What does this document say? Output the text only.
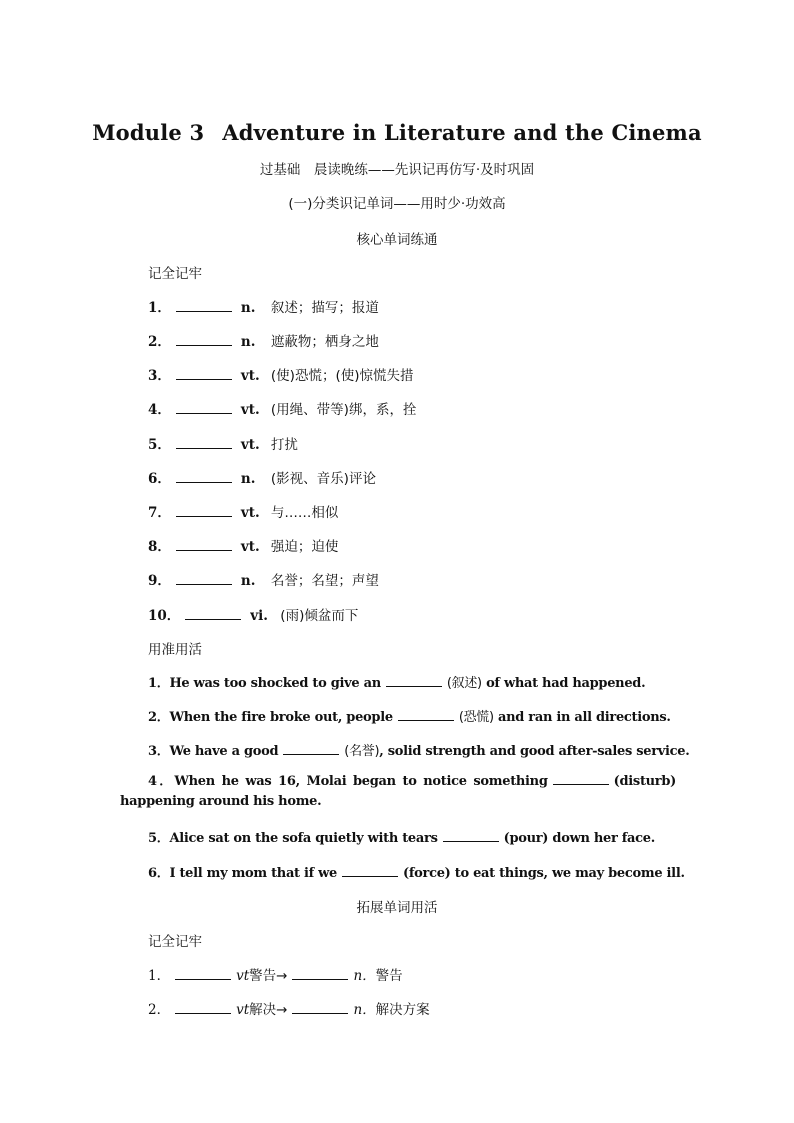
Module 3 Adventure in Literature and the Cinema
过基础　晨读晚练——先识记再仿写·及时巩固
(一)分类识记单词——用时少·功效高
核心单词练通
记全记牢
1．	n. 叙述；描写；报道
2．	n. 遮蔽物；栖身之地
3．	vt. (使)恐慌；(使)惊慌失措
4．	vt. (用绳、带等)绑，系，拴
5．	vt. 打扰
6．	n. (影视、音乐)评论
7．	vt. 与……相似
8．	vt. 强迫；迫使
9．	n. 名誉；名望；声望
10．	vi. (雨)倾盆而下
用准用活
1．He was too shocked to give an	(叙述) of what had happened.
2．When the fire broke out, people	(恐慌) and ran in all directions.
3．We have a good	(名誉), solid strength and good after-sales service.
4．When he was 16, Molai began to notice something	(disturb) happening around his home.
5．Alice sat on the sofa quietly with tears	(pour) down her face.
6．I tell my mom that if we	(force) to eat things, we may become ill.
拓展单词用活
记全记牢
1．	vt警告→	n．警告
2．	vt解决→	n．解决方案
